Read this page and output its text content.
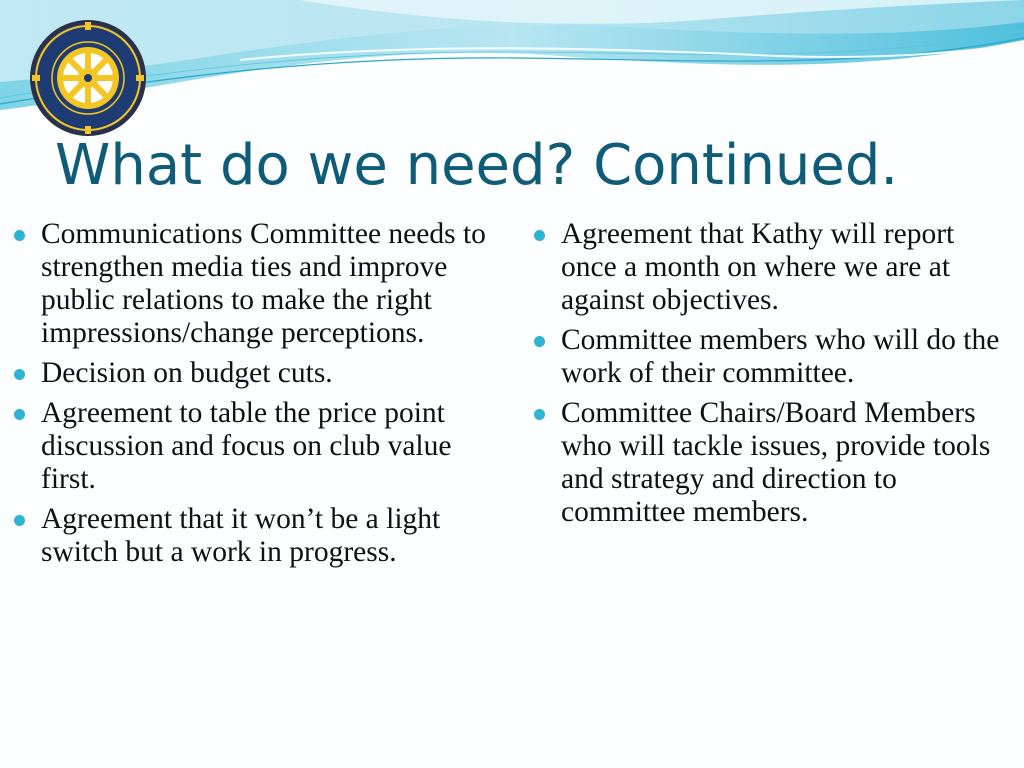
What do we need? Continued.
Communications Committee needs to strengthen media ties and improve public relations to make the right impressions/change perceptions.
Decision on budget cuts.
Agreement to table the price point discussion and focus on club value first.
Agreement that it won’t be a light switch but a work in progress.
Agreement that Kathy will report once a month on where we are at against objectives.
Committee members who will do the work of their committee.
Committee Chairs/Board Members who will tackle issues, provide tools and strategy and direction to committee members.
